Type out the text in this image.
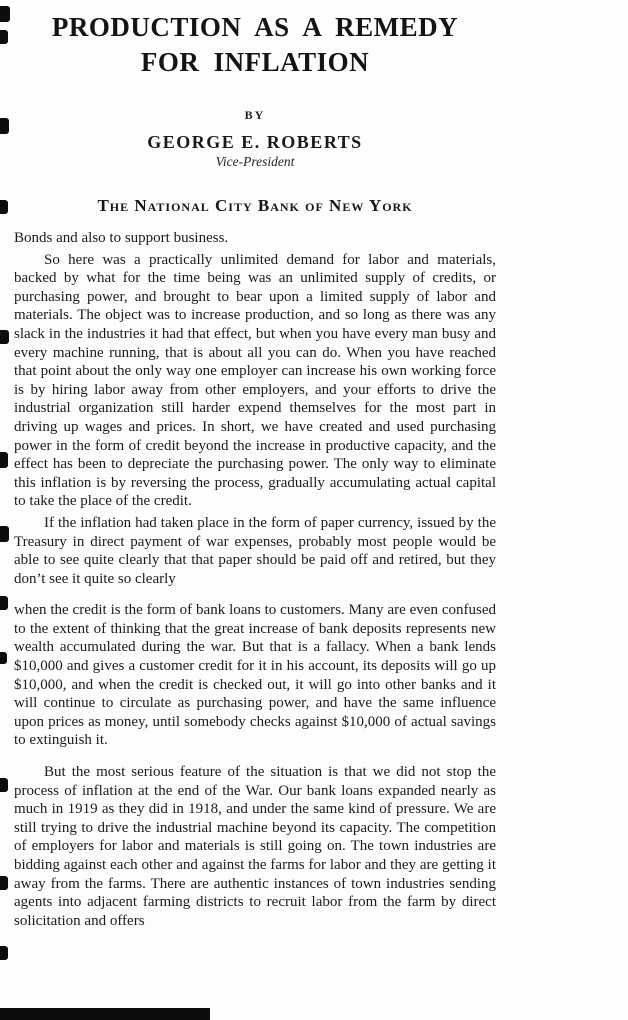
PRODUCTION AS A REMEDY
FOR INFLATION
BY
GEORGE E. ROBERTS
Vice-President
The National City Bank of New York

Bonds and also to support business.

So here was a practically unlimited demand for labor and materials, backed by what for the time being was an unlimited supply of credits, or purchasing power, and brought to bear upon a limited supply of labor and materials. The object was to increase production, and so long as there was any slack in the industries it had that effect, but when you have every man busy and every machine running, that is about all you can do. When you have reached that point about the only way one employer can increase his own working force is by hiring labor away from other employers, and your efforts to drive the industrial organization still harder expend themselves for the most part in driving up wages and prices. In short, we have created and used purchasing power in the form of credit beyond the increase in productive capacity, and the effect has been to depreciate the purchasing power. The only way to eliminate this inflation is by reversing the process, gradually accumulating actual capital to take the place of the credit.

If the inflation had taken place in the form of paper currency, issued by the Treasury in direct payment of war expenses, probably most people would be able to see quite clearly that that paper should be paid off and retired, but they don’t see it quite so clearly

when the credit is the form of bank loans to customers. Many are even confused to the extent of thinking that the great increase of bank deposits represents new wealth accumulated during the war. But that is a fallacy. When a bank lends $10,000 and gives a customer credit for it in his account, its deposits will go up $10,000, and when the credit is checked out, it will go into other banks and it will continue to circulate as purchasing power, and have the same influence upon prices as money, until somebody checks against $10,000 of actual savings to extinguish it.

But the most serious feature of the situation is that we did not stop the process of inflation at the end of the War. Our bank loans expanded nearly as much in 1919 as they did in 1918, and under the same kind of pressure. We are still trying to drive the industrial machine beyond its capacity. The competition of employers for labor and materials is still going on. The town industries are bidding against each other and against the farms for labor and they are getting it away from the farms. There are authentic instances of town industries sending agents into adjacent farming districts to recruit labor from the farm by direct solicitation and offers
